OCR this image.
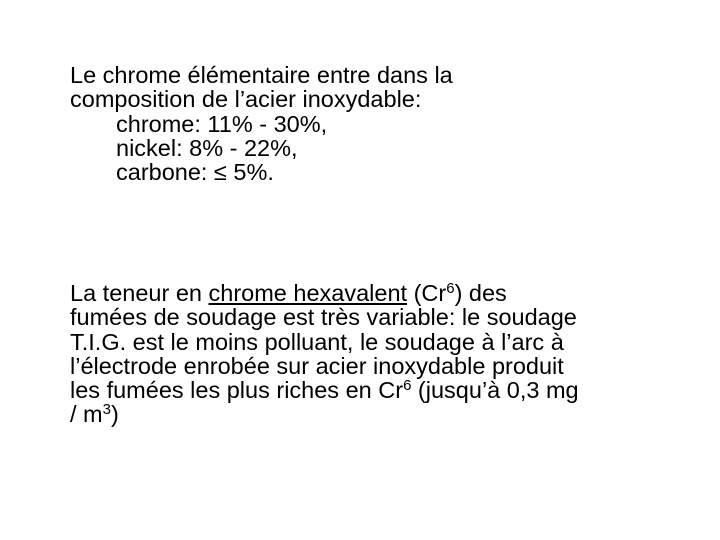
Le chrome élémentaire entre dans la
composition de l’acier inoxydable:
chrome: 11% - 30%,
nickel: 8% - 22%,
carbone: ≤ 5%.
La teneur en chrome hexavalent (Cr$^6$) des
fumées de soudage est très variable: le soudage
T.I.G. est le moins polluant, le soudage à l’arc à
l’électrode enrobée sur acier inoxydable produit
les fumées les plus riches en Cr$^6$ (jusqu’à 0,3 mg
/ $m^3$)
